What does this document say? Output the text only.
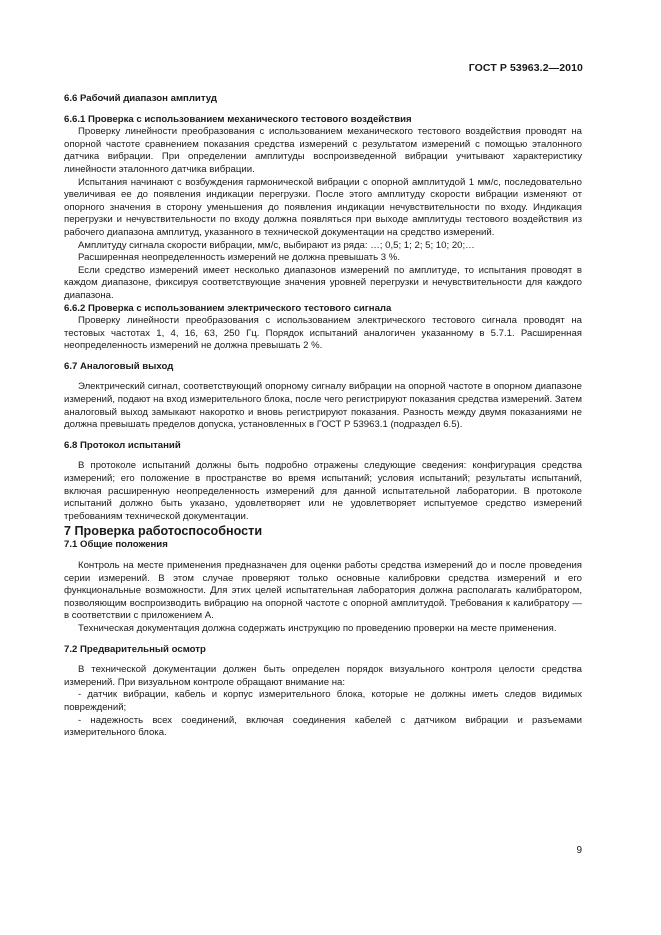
ГОСТ Р 53963.2—2010

6.6 Рабочий диапазон амплитуд

6.6.1 Проверка с использованием механического тестового воздействия

Проверку линейности преобразования с использованием механического тестового воздействия проводят на опорной частоте сравнением показания средства измерений с результатом измерений с помощью эталонного датчика вибрации. При определении амплитуды воспроизведенной вибрации учитывают характеристику линейности эталонного датчика вибрации.

Испытания начинают с возбуждения гармонической вибрации с опорной амплитудой 1 мм/с, последовательно увеличивая ее до появления индикации перегрузки. После этого амплитуду скорости вибрации изменяют от опорного значения в сторону уменьшения до появления индикации нечувствительности по входу. Индикация перегрузки и нечувствительности по входу должна появляться при выходе амплитуды тестового воздействия из рабочего диапазона амплитуд, указанного в технической документации на средство измерений.

Амплитуду сигнала скорости вибрации, мм/с, выбирают из ряда: …; 0,5; 1; 2; 5; 10; 20;…

Расширенная неопределенность измерений не должна превышать 3 %.

Если средство измерений имеет несколько диапазонов измерений по амплитуде, то испытания проводят в каждом диапазоне, фиксируя соответствующие значения уровней перегрузки и нечувствительности для каждого диапазона.

6.6.2 Проверка с использованием электрического тестового сигнала

Проверку линейности преобразования с использованием электрического тестового сигнала проводят на тестовых частотах 1, 4, 16, 63, 250 Гц. Порядок испытаний аналогичен указанному в 5.7.1. Расширенная неопределенность измерений не должна превышать 2 %.

6.7 Аналоговый выход

Электрический сигнал, соответствующий опорному сигналу вибрации на опорной частоте в опорном диапазоне измерений, подают на вход измерительного блока, после чего регистрируют показания средства измерений. Затем аналоговый выход замыкают накоротко и вновь регистрируют показания. Разность между двумя показаниями не должна превышать пределов допуска, установленных в ГОСТ Р 53963.1 (подраздел 6.5).

6.8 Протокол испытаний

В протоколе испытаний должны быть подробно отражены следующие сведения: конфигурация средства измерений; его положение в пространстве во время испытаний; условия испытаний; результаты испытаний, включая расширенную неопределенность измерений для данной испытательной лаборатории. В протоколе испытаний должно быть указано, удовлетворяет или не удовлетворяет испытуемое средство измерений требованиям технической документации.

7 Проверка работоспособности

7.1 Общие положения

Контроль на месте применения предназначен для оценки работы средства измерений до и после проведения серии измерений. В этом случае проверяют только основные калибровки средства измерений и его функциональные возможности. Для этих целей испытательная лаборатория должна располагать калибратором, позволяющим воспроизводить вибрацию на опорной частоте с опорной амплитудой. Требования к калибратору — в соответствии с приложением А.

Техническая документация должна содержать инструкцию по проведению проверки на месте применения.

7.2 Предварительный осмотр

В технической документации должен быть определен порядок визуального контроля целости средства измерений. При визуальном контроле обращают внимание на:

- датчик вибрации, кабель и корпус измерительного блока, которые не должны иметь следов видимых повреждений;

- надежность всех соединений, включая соединения кабелей с датчиком вибрации и разъемами измерительного блока.

9
